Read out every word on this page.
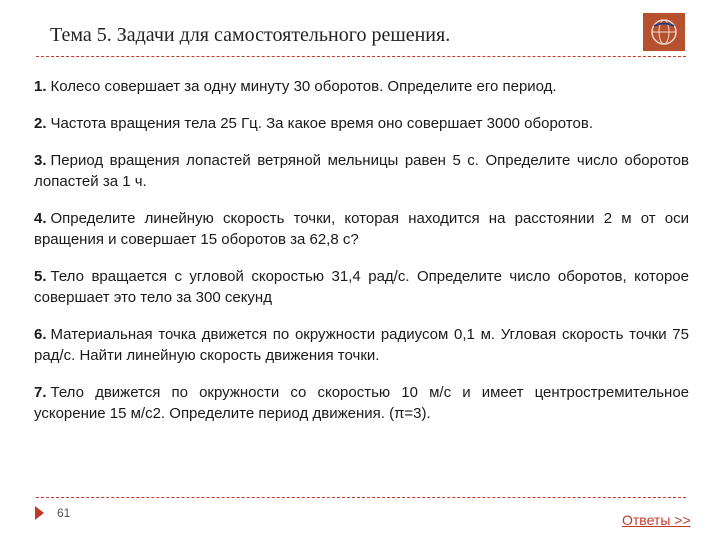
Тема 5. Задачи для самостоятельного решения.

1. Колесо совершает за одну минуту 30 оборотов. Определите его период.

2. Частота вращения тела 25 Гц. За какое время оно совершает 3000 оборотов.

3. Период вращения лопастей ветряной мельницы равен 5 с. Определите число оборотов лопастей за 1 ч.

4. Определите линейную скорость точки, которая находится на расстоянии 2 м от оси вращения и совершает 15 оборотов за 62,8 с?

5. Тело вращается с угловой скоростью 31,4 рад/с. Определите число оборотов, которое совершает это тело за 300 секунд

6. Материальная точка движется по окружности радиусом 0,1 м. Угловая скорость точки 75 рад/с. Найти линейную скорость движения точки.

7. Тело движется по окружности со скоростью 10 м/с и имеет центростремительное ускорение 15 м/с2. Определите период движения. (π=3).

61	Ответы >>
